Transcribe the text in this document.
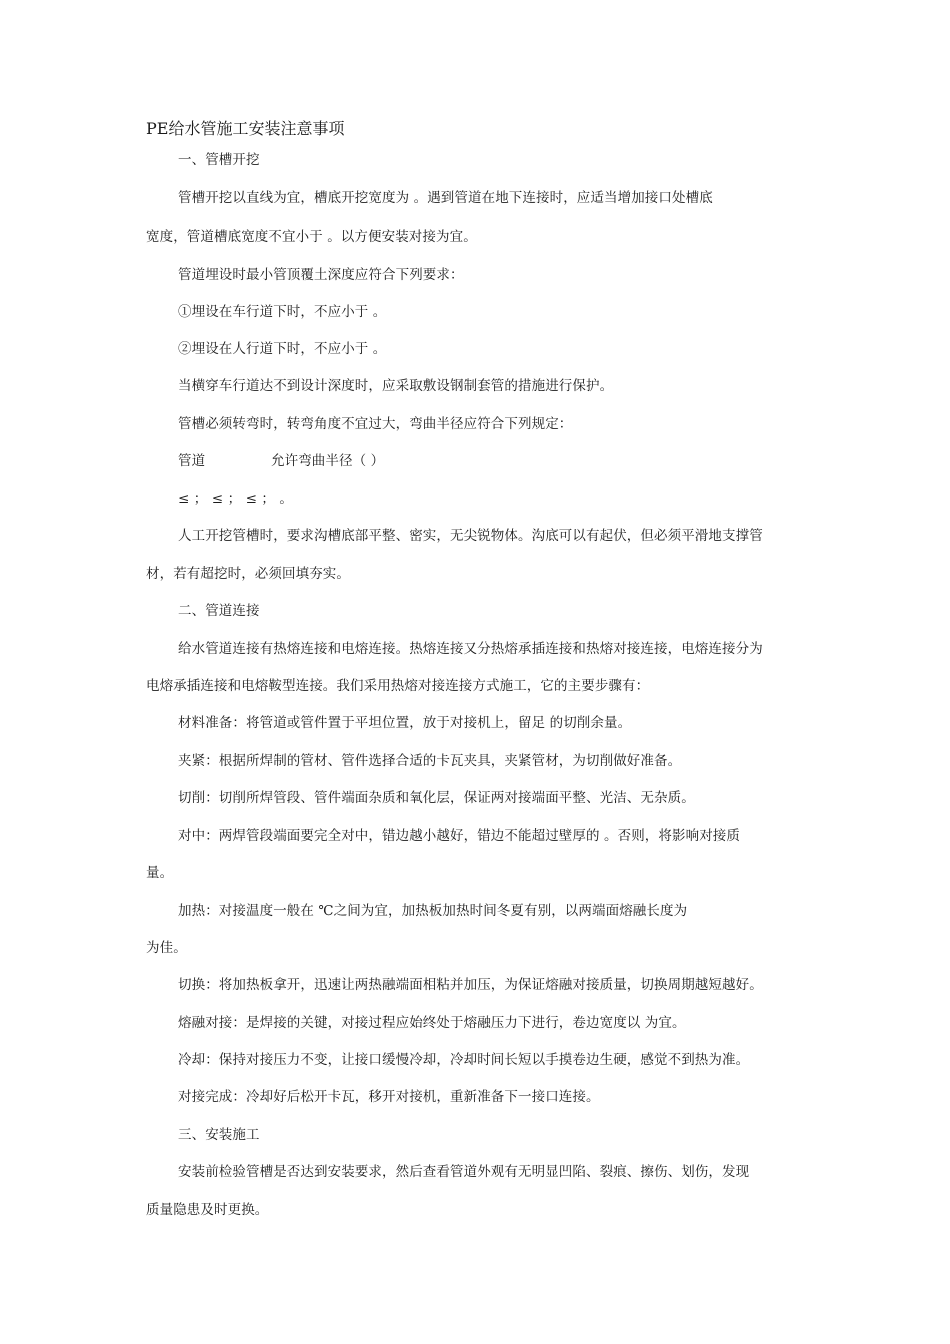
PE给水管施工安装注意事项
一、管槽开挖
管槽开挖以直线为宜，槽底开挖宽度为 。遇到管道在地下连接时，应适当增加接口处槽底
宽度，管道槽底宽度不宜小于 。以方便安装对接为宜。
管道埋设时最小管顶覆土深度应符合下列要求：
①埋设在车行道下时，不应小于 。
②埋设在人行道下时，不应小于 。
当横穿车行道达不到设计深度时，应采取敷设钢制套管的措施进行保护。
管槽必须转弯时，转弯角度不宜过大，弯曲半径应符合下列规定：
管道	允许弯曲半径（ ）
≤ ； ≤ ； ≤ ； 。
人工开挖管槽时，要求沟槽底部平整、密实，无尖锐物体。沟底可以有起伏，但必须平滑地支撑管
材，若有超挖时，必须回填夯实。
二、管道连接
给水管道连接有热熔连接和电熔连接。热熔连接又分热熔承插连接和热熔对接连接，电熔连接分为
电熔承插连接和电熔鞍型连接。我们采用热熔对接连接方式施工，它的主要步骤有：
材料准备：将管道或管件置于平坦位置，放于对接机上，留足 的切削余量。
夹紧：根据所焊制的管材、管件选择合适的卡瓦夹具，夹紧管材，为切削做好准备。
切削：切削所焊管段、管件端面杂质和氧化层，保证两对接端面平整、光洁、无杂质。
对中：两焊管段端面要完全对中，错边越小越好，错边不能超过壁厚的 。否则，将影响对接质
量。
加热：对接温度一般在 ℃之间为宜，加热板加热时间冬夏有别，以两端面熔融长度为
为佳。
切换：将加热板拿开，迅速让两热融端面相粘并加压，为保证熔融对接质量，切换周期越短越好。
熔融对接：是焊接的关键，对接过程应始终处于熔融压力下进行，卷边宽度以 为宜。
冷却：保持对接压力不变，让接口缓慢冷却，冷却时间长短以手摸卷边生硬，感觉不到热为准。
对接完成：冷却好后松开卡瓦，移开对接机，重新准备下一接口连接。
三、安装施工
安装前检验管槽是否达到安装要求，然后查看管道外观有无明显凹陷、裂痕、擦伤、划伤，发现
质量隐患及时更换。
